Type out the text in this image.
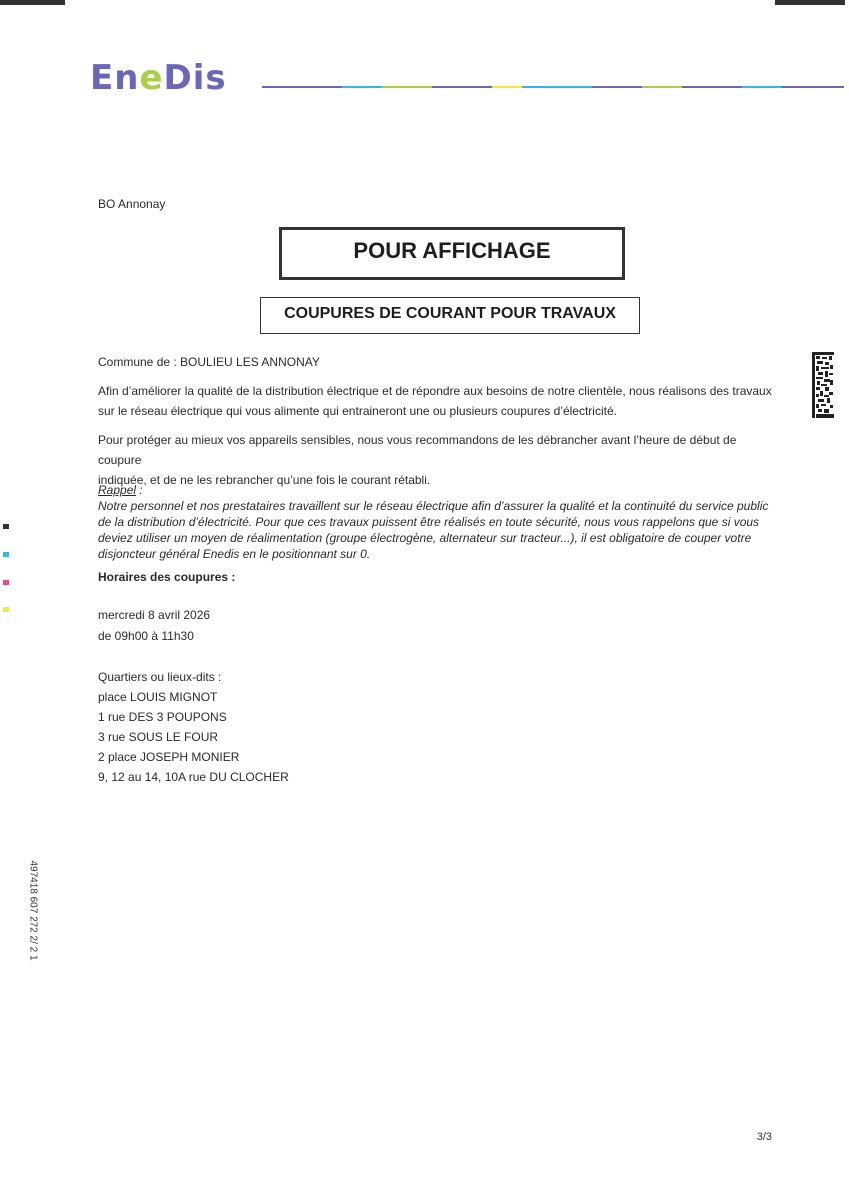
EneDis
BO Annonay
POUR AFFICHAGE
COUPURES DE COURANT POUR TRAVAUX
Commune de : BOULIEU LES ANNONAY
Afin d’améliorer la qualité de la distribution électrique et de répondre aux besoins de notre clientèle, nous réalisons des travaux
sur le réseau électrique qui vous alimente qui entraineront une ou plusieurs coupures d’électricité.
Pour protéger au mieux vos appareils sensibles, nous vous recommandons de les débrancher avant l’heure de début de coupure
indiquée, et de ne les rebrancher qu’une fois le courant rétabli.
Rappel :
Notre personnel et nos prestataires travaillent sur le réseau électrique afin d’assurer la qualité et la continuité du service public
de la distribution d’électricité. Pour que ces travaux puissent être réalisés en toute sécurité, nous vous rappelons que si vous
deviez utiliser un moyen de réalimentation (groupe électrogène, alternateur sur tracteur...), il est obligatoire de couper votre
disjoncteur général Enedis en le positionnant sur 0.
Horaires des coupures :
mercredi 8 avril 2026
de 09h00 à 11h30
Quartiers ou lieux-dits :
place LOUIS MIGNOT
1 rue DES 3 POUPONS
3 rue SOUS LE FOUR
2 place JOSEPH MONIER
9, 12 au 14, 10A rue DU CLOCHER
497418 607 272 2/ 2 1
3/3
